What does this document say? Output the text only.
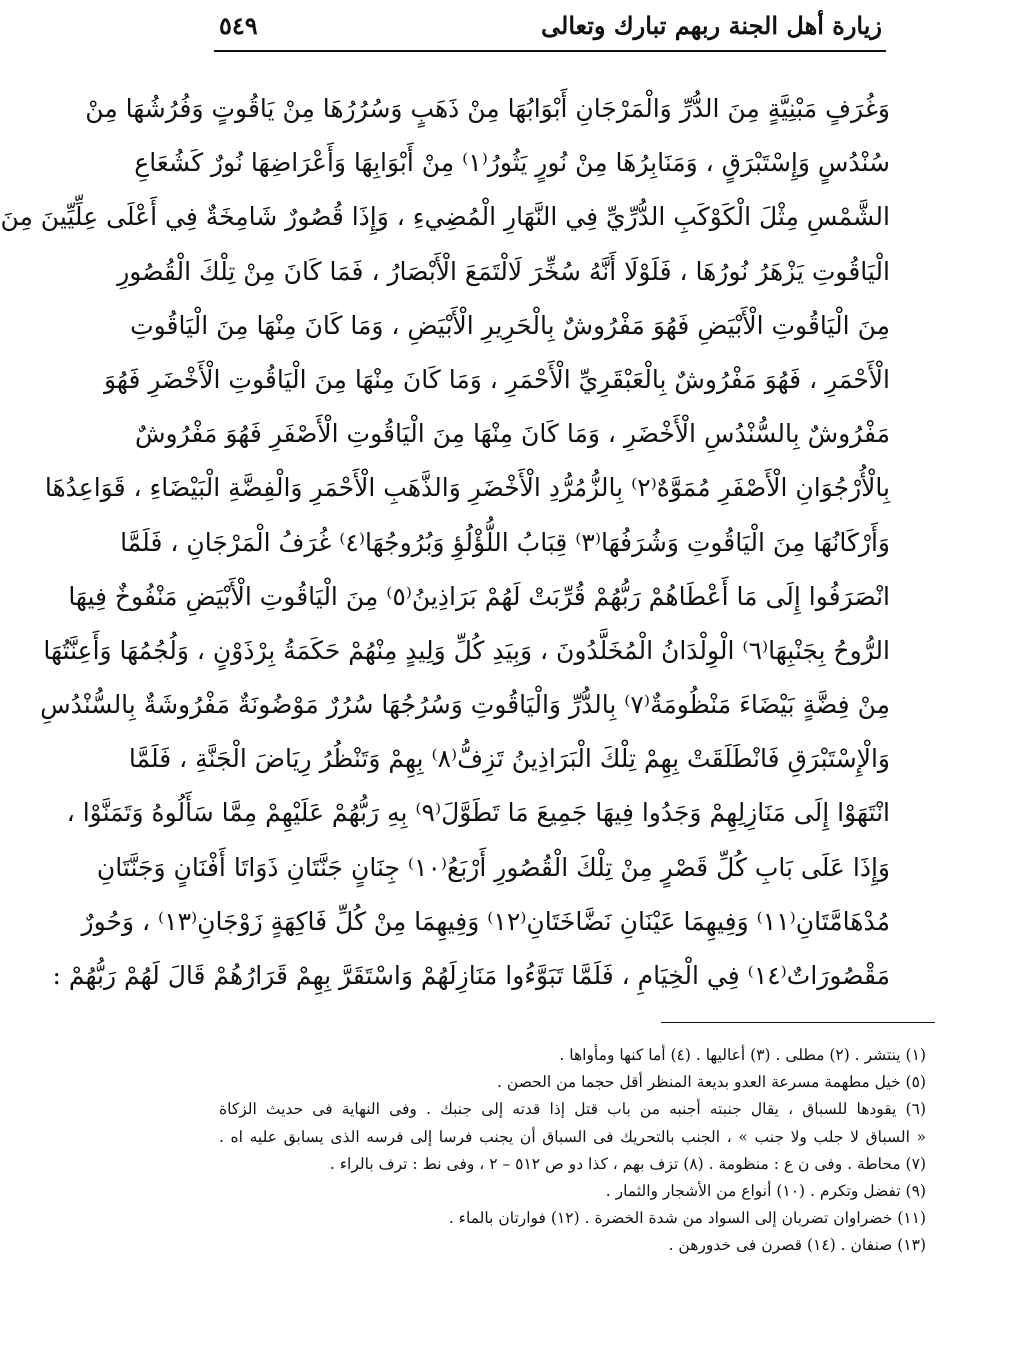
زيارة أهل الجنة ربهم تبارك وتعالى
٥٤٩
وَغُرَفٍ مَبْنِيَّةٍ مِنَ الدُّرِّ وَالْمَرْجَانِ أَبْوَابُهَا مِنْ ذَهَبٍ وَسُرُرُهَا مِنْ يَاقُوتٍ وَفُرُشُهَا مِنْ
سُنْدُسٍ وَإِسْتَبْرَقٍ ، وَمَنَابِرُهَا مِنْ نُورٍ يَثُورُ⁽١⁾ مِنْ أَبْوَابِهَا وَأَعْرَاضِهَا نُورٌ كَشُعَاعِ
الشَّمْسِ مِثْلَ الْكَوْكَبِ الدُّرِّيِّ فِي النَّهَارِ الْمُضِيءِ ، وَإِذَا قُصُورٌ شَامِخَةٌ فِي أَعْلَى عِلِّيِّينَ مِنَ
الْيَاقُوتِ يَزْهَرُ نُورُهَا ، فَلَوْلَا أَنَّهُ سُخِّرَ لَالْتَمَعَ الْأَبْصَارُ ، فَمَا كَانَ مِنْ تِلْكَ الْقُصُورِ
مِنَ الْيَاقُوتِ الْأَبْيَضِ فَهُوَ مَفْرُوشٌ بِالْحَرِيرِ الْأَبْيَضِ ، وَمَا كَانَ مِنْهَا مِنَ الْيَاقُوتِ
الْأَحْمَرِ ، فَهُوَ مَفْرُوشٌ بِالْعَبْقَرِيِّ الْأَحْمَرِ ، وَمَا كَانَ مِنْهَا مِنَ الْيَاقُوتِ الْأَخْضَرِ فَهُوَ
مَفْرُوشٌ بِالسُّنْدُسِ الْأَخْضَرِ ، وَمَا كَانَ مِنْهَا مِنَ الْيَاقُوتِ الْأَصْفَرِ فَهُوَ مَفْرُوشٌ
بِالْأُرْجُوَانِ الْأَصْفَرِ مُمَوَّهٌ⁽٢⁾ بِالزُّمُرُّدِ الْأَخْضَرِ وَالذَّهَبِ الْأَحْمَرِ وَالْفِضَّةِ الْبَيْضَاءِ ، قَوَاعِدُهَا
وَأَرْكَانُهَا مِنَ الْيَاقُوتِ وَشُرَفُهَا⁽٣⁾ قِبَابُ اللُّؤْلُؤِ وَبُرُوجُهَا⁽٤⁾ غُرَفُ الْمَرْجَانِ ، فَلَمَّا
انْصَرَفُوا إِلَى مَا أَعْطَاهُمْ رَبُّهُمْ قُرِّبَتْ لَهُمْ بَرَاذِينُ⁽٥⁾ مِنَ الْيَاقُوتِ الْأَبْيَضِ مَنْفُوخٌ فِيهَا
الرُّوحُ بِجَنْبِهَا⁽٦⁾ الْوِلْدَانُ الْمُخَلَّدُونَ ، وَبِيَدِ كُلِّ وَلِيدٍ مِنْهُمْ حَكَمَةُ بِرْذَوْنٍ ، وَلُجُمُهَا وَأَعِنَّتُهَا
مِنْ فِضَّةٍ بَيْضَاءَ مَنْظُومَةٌ⁽٧⁾ بِالدُّرِّ وَالْيَاقُوتِ وَسُرُجُهَا سُرُرٌ مَوْضُونَةٌ مَفْرُوشَةٌ بِالسُّنْدُسِ
وَالْإِسْتَبْرَقِ فَانْطَلَقَتْ بِهِمْ تِلْكَ الْبَرَاذِينُ تَزِفُّ⁽٨⁾ بِهِمْ وَتَنْظُرُ رِيَاضَ الْجَنَّةِ ، فَلَمَّا
انْتَهَوْا إِلَى مَنَازِلِهِمْ وَجَدُوا فِيهَا جَمِيعَ مَا تَطَوَّلَ⁽٩⁾ بِهِ رَبُّهُمْ عَلَيْهِمْ مِمَّا سَأَلُوهُ وَتَمَنَّوْا ،
وَإِذَا عَلَى بَابِ كُلِّ قَصْرٍ مِنْ تِلْكَ الْقُصُورِ أَرْبَعُ⁽١٠⁾ جِنَانٍ جَنَّتَانِ ذَوَاتَا أَفْنَانٍ وَجَنَّتَانِ
مُدْهَامَّتَانِ⁽١١⁾ وَفِيهِمَا عَيْنَانِ نَضَّاخَتَانِ⁽١٢⁾ وَفِيهِمَا مِنْ كُلِّ فَاكِهَةٍ زَوْجَانِ⁽١٣⁾ ، وَحُورٌ
مَقْصُورَاتٌ⁽١٤⁾ فِي الْخِيَامِ ، فَلَمَّا تَبَوَّءُوا مَنَازِلَهُمْ وَاسْتَقَرَّ بِهِمْ قَرَارُهُمْ قَالَ لَهُمْ رَبُّهُمْ :
(١) ينتشر . (٢) مطلى . (٣) أعاليها . (٤) أما كنها ومأواها .
(٥) خيل مطهمة مسرعة العدو بديعة المنظر أقل حجما من الحصن .
(٦) يقودها للسباق ، يقال جنبته أجنبه من باب قتل إذا قدته إلى جنبك . وفى النهاية فى حديث الزكاة
« السباق لا جلب ولا جنب » ، الجنب بالتحريك فى السباق أن يجنب فرسا إلى فرسه الذى يسابق عليه اه .
(٧) محاطة . وفى ن ع : منظومة . (٨) تزف بهم ، كذا دو ص ٥١٢ – ٢ ، وفى نط : ترف بالراء .
(٩) تفضل وتكرم . (١٠) أنواع من الأشجار والثمار .
(١١) خضراوان تضربان إلى السواد من شدة الخضرة . (١٢) فوارتان بالماء .
(١٣) صنفان . (١٤) قصرن فى خدورهن .
